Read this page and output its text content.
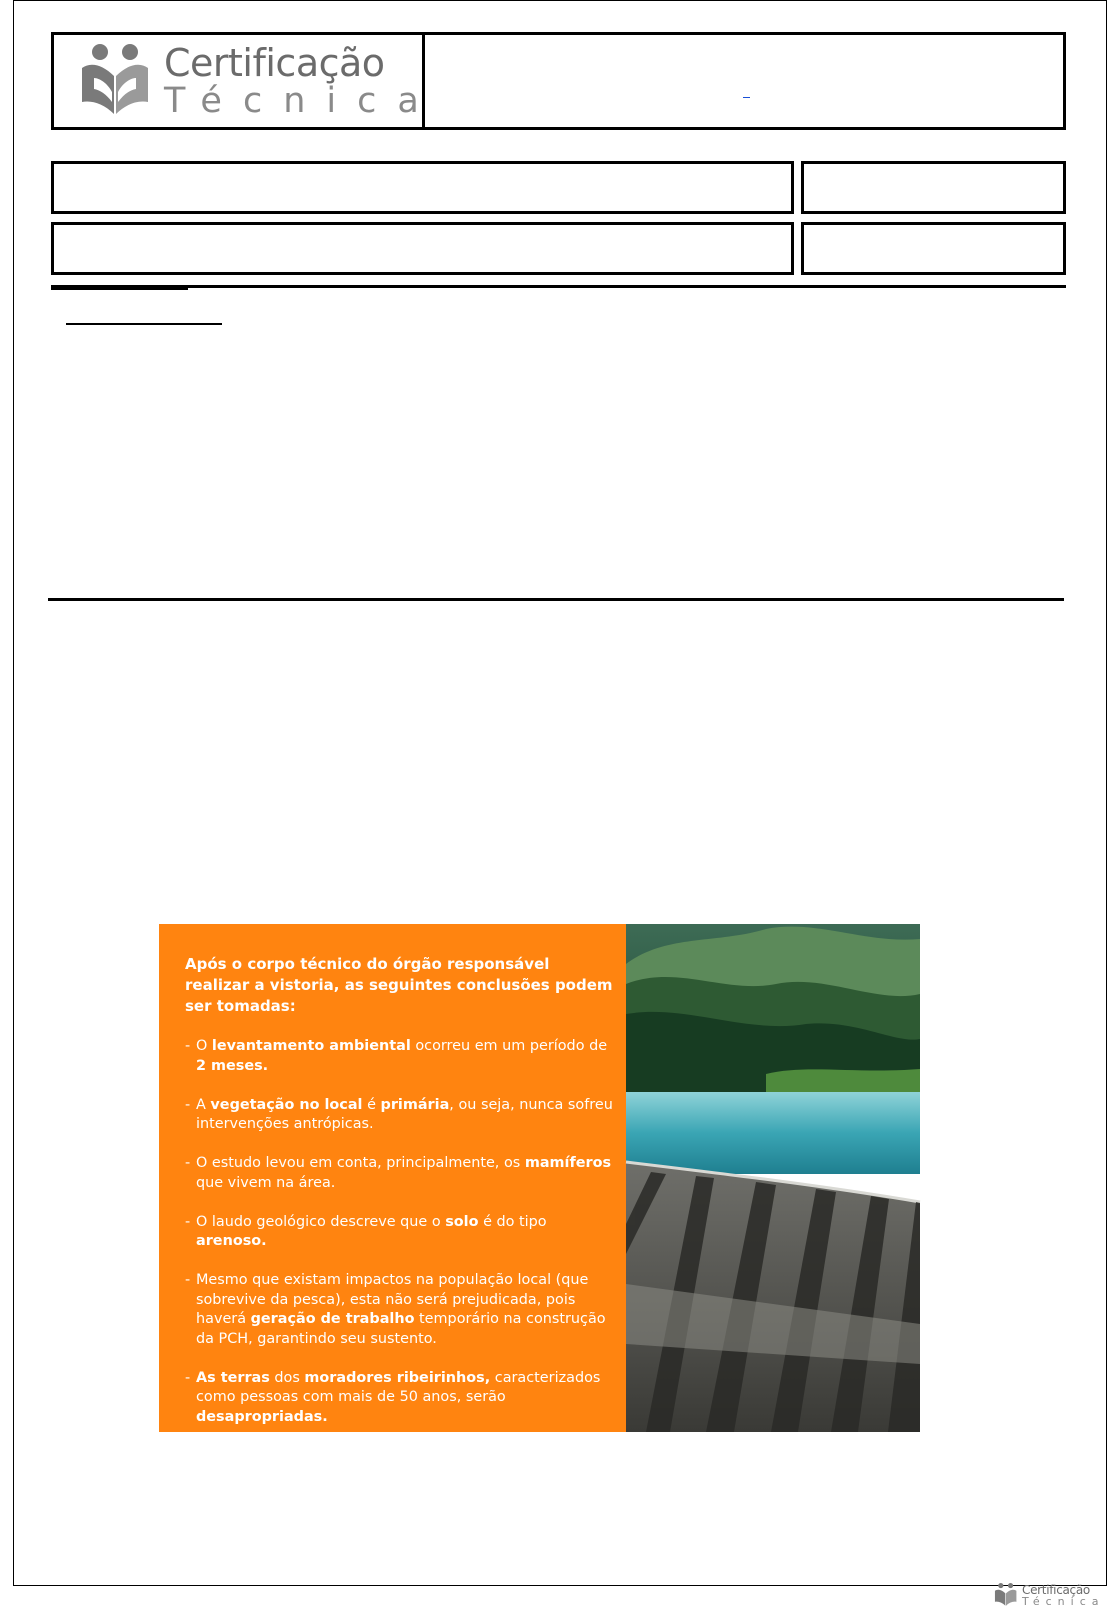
Certificação
Técnica
Após o corpo técnico do órgão responsável realizar a vistoria, as seguintes conclusões podem ser tomadas:
- O levantamento ambiental ocorreu em um período de 2 meses.
- A vegetação no local é primária, ou seja, nunca sofreu intervenções antrópicas.
- O estudo levou em conta, principalmente, os mamíferos que vivem na área.
- O laudo geológico descreve que o solo é do tipo arenoso.
- Mesmo que existam impactos na população local (que sobrevive da pesca), esta não será prejudicada, pois haverá geração de trabalho temporário na construção da PCH, garantindo seu sustento.
- As terras dos moradores ribeirinhos, caracterizados como pessoas com mais de 50 anos, serão desapropriadas.
- A unidade de conservação não possui plano de manejo.
Certificação
Técnica
